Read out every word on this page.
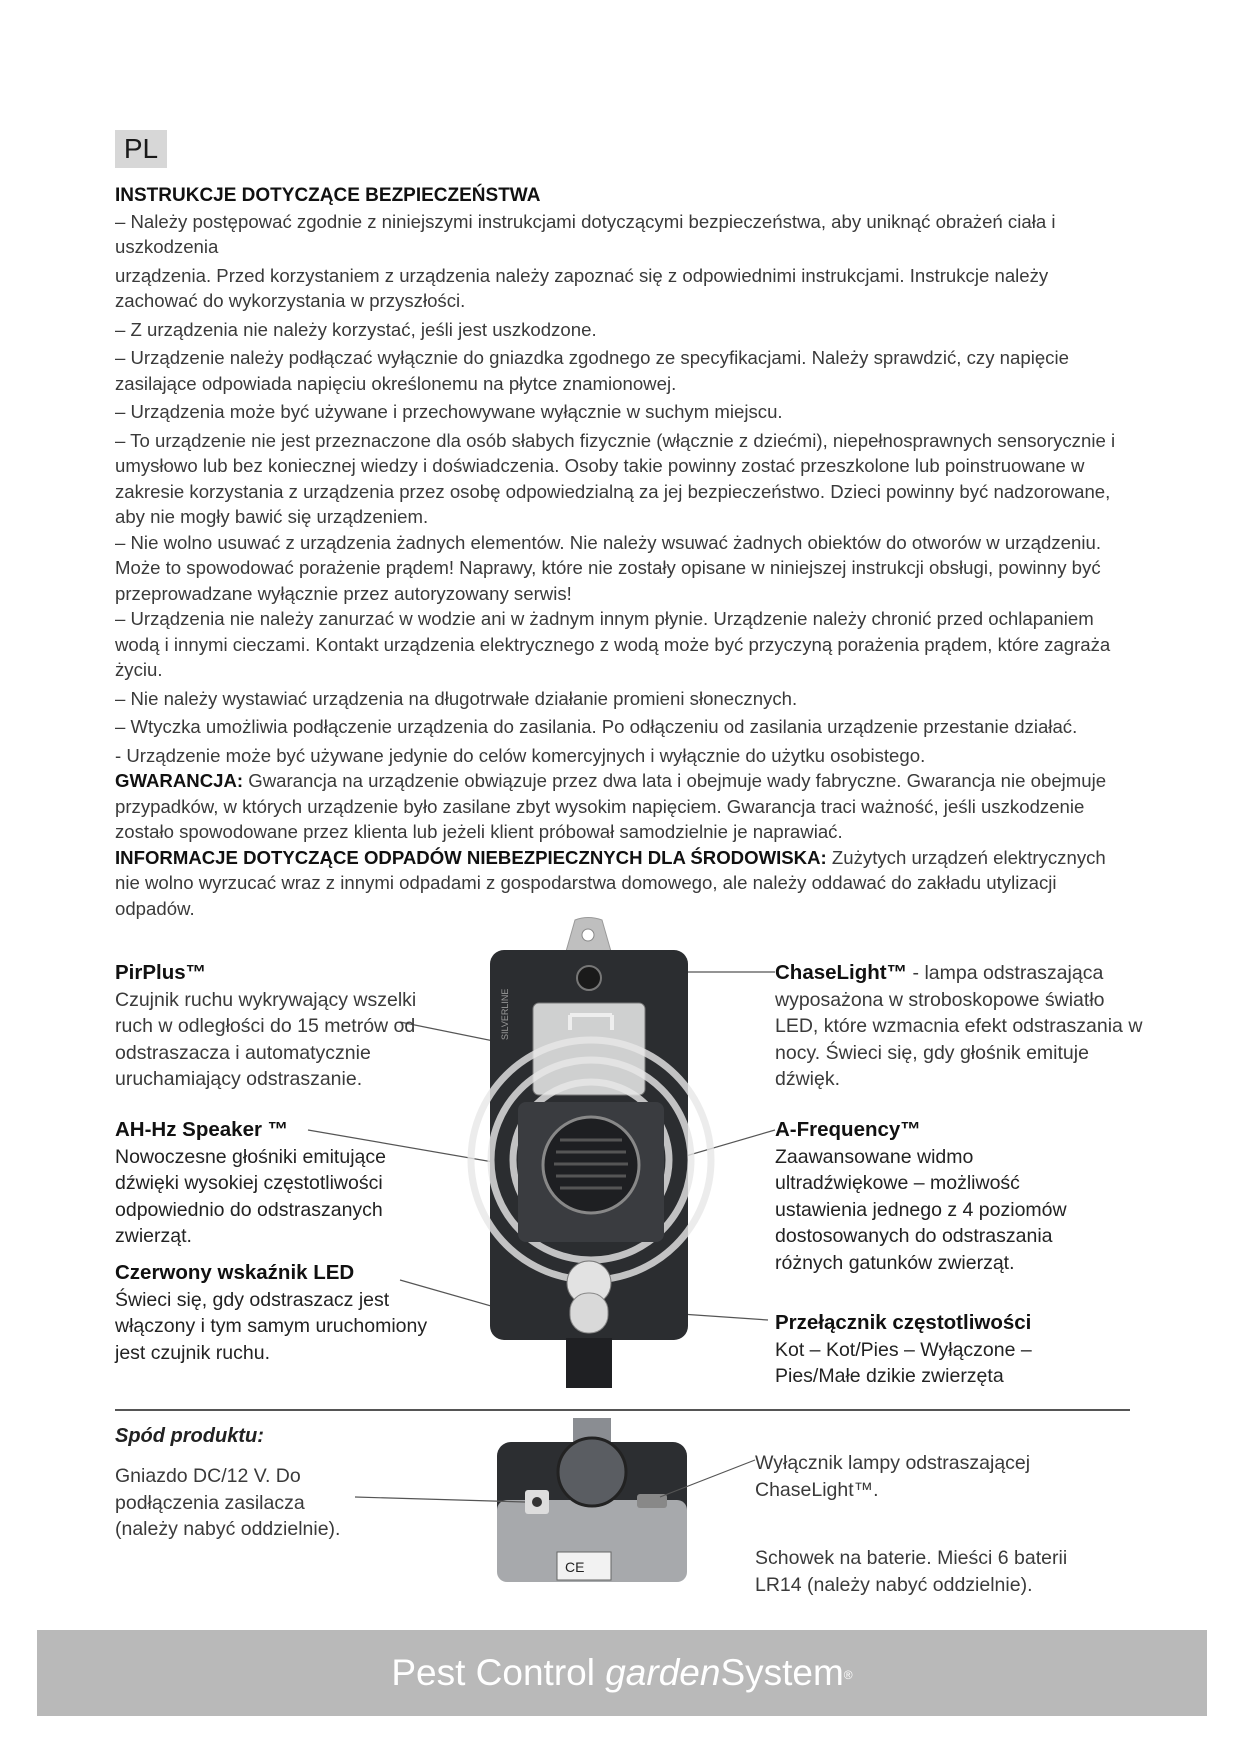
PL

INSTRUKCJE DOTYCZĄCE BEZPIECZEŃSTWA

– Należy postępować zgodnie z niniejszymi instrukcjami dotyczącymi bezpieczeństwa, aby uniknąć obrażeń ciała i uszkodzenia

urządzenia. Przed korzystaniem z urządzenia należy zapoznać się z odpowiednimi instrukcjami. Instrukcje należy zachować do wykorzystania w przyszłości.

– Z urządzenia nie należy korzystać, jeśli jest uszkodzone.

– Urządzenie należy podłączać wyłącznie do gniazdka zgodnego ze specyfikacjami. Należy sprawdzić, czy napięcie zasilające odpowiada napięciu określonemu na płytce znamionowej.

– Urządzenia może być używane i przechowywane wyłącznie w suchym miejscu.

– To urządzenie nie jest przeznaczone dla osób słabych fizycznie (włącznie z dziećmi), niepełnosprawnych sensorycznie i umysłowo lub bez koniecznej wiedzy i doświadczenia. Osoby takie powinny zostać przeszkolone lub poinstruowane w zakresie korzystania z urządzenia przez osobę odpowiedzialną za jej bezpieczeństwo. Dzieci powinny być nadzorowane, aby nie mogły bawić się urządzeniem.

– Nie wolno usuwać z urządzenia żadnych elementów. Nie należy wsuwać żadnych obiektów do otworów w urządzeniu. Może to spowodować porażenie prądem! Naprawy, które nie zostały opisane w niniejszej instrukcji obsługi, powinny być przeprowadzane wyłącznie przez autoryzowany serwis!

– Urządzenia nie należy zanurzać w wodzie ani w żadnym innym płynie. Urządzenie należy chronić przed ochlapaniem wodą i innymi cieczami. Kontakt urządzenia elektrycznego z wodą może być przyczyną porażenia prądem, które zagraża życiu.

– Nie należy wystawiać urządzenia na długotrwałe działanie promieni słonecznych.

– Wtyczka umożliwia podłączenie urządzenia do zasilania. Po odłączeniu od zasilania urządzenie przestanie działać.

- Urządzenie może być używane jedynie do celów komercyjnych i wyłącznie do użytku osobistego.

GWARANCJA: Gwarancja na urządzenie obwiązuje przez dwa lata i obejmuje wady fabryczne. Gwarancja nie obejmuje przypadków, w których urządzenie było zasilane zbyt wysokim napięciem. Gwarancja traci ważność, jeśli uszkodzenie zostało spowodowane przez klienta lub jeżeli klient próbował samodzielnie je naprawiać.

INFORMACJE DOTYCZĄCE ODPADÓW NIEBEZPIECZNYCH DLA ŚRODOWISKA: Zużytych urządzeń elektrycznych nie wolno wyrzucać wraz z innymi odpadami z gospodarstwa domowego, ale należy oddawać do zakładu utylizacji odpadów.

SILVERLINE
CE
PirPlus™
Czujnik ruchu wykrywający wszelki ruch w odległości do 15 metrów od odstraszacza i automatycznie uruchamiający odstraszanie.
AH-Hz Speaker ™
Nowoczesne głośniki emitujące dźwięki wysokiej częstotliwości odpowiednio do odstraszanych zwierząt.
Czerwony wskaźnik LED
Świeci się, gdy odstraszacz jest włączony i tym samym uruchomiony jest czujnik ruchu.
ChaseLight™ - lampa odstraszająca wyposażona w stroboskopowe światło LED, które wzmacnia efekt odstraszania w nocy. Świeci się, gdy głośnik emituje dźwięk.
A-Frequency™
Zaawansowane widmo ultradźwiękowe – możliwość ustawienia jednego z 4 poziomów dostosowanych do odstraszania różnych gatunków zwierząt.
Przełącznik częstotliwości
Kot – Kot/Pies – Wyłączone – Pies/Małe dzikie zwierzęta
Spód produktu:
Gniazdo DC/12 V. Do podłączenia zasilacza (należy nabyć oddzielnie).
Wyłącznik lampy odstraszającej ChaseLight™.
Schowek na baterie. Mieści 6 baterii LR14 (należy nabyć oddzielnie).
Pest Control garden System®
